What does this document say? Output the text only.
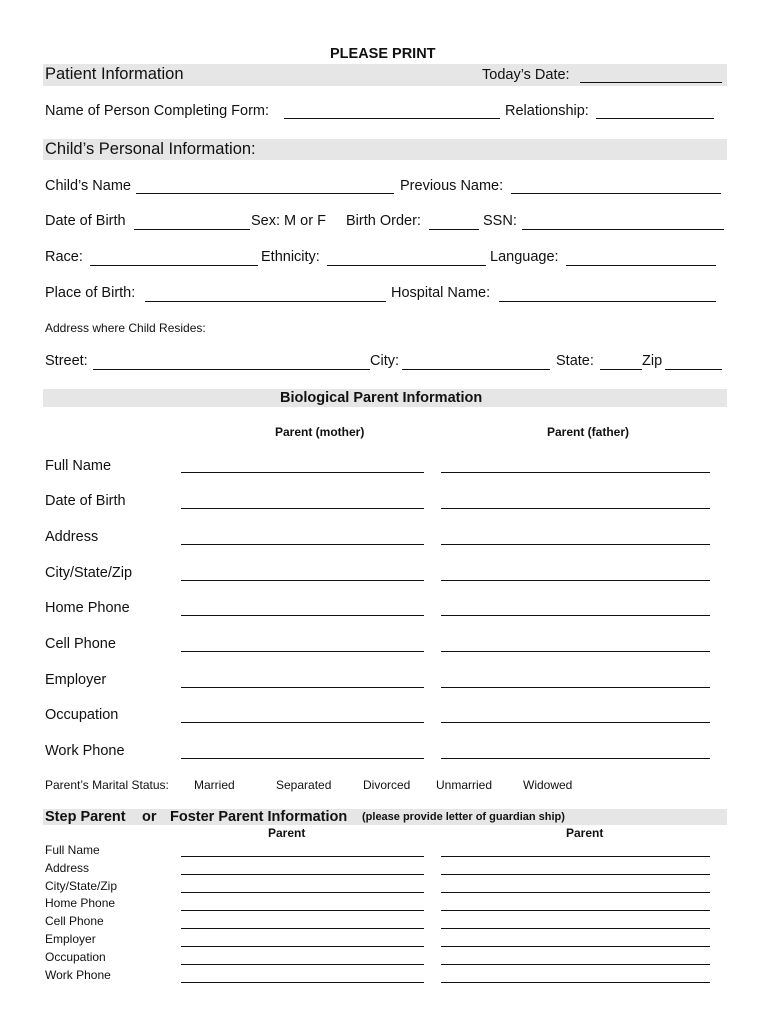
PLEASE PRINT
Patient Information	Today’s Date:
Name of Person Completing Form:	Relationship:
Child’s Personal Information:
Child’s Name	Previous Name:
Date of Birth	Sex: M or F Birth Order:	SSN:
Race:	Ethnicity:	Language:
Place of Birth:	Hospital Name:
Address where Child Resides:
Street:	City:	State:	Zip
Biological Parent Information
Parent (mother)	Parent (father)
Full Name
Date of Birth
Address
City/State/Zip
Home Phone
Cell Phone
Employer
Occupation
Work Phone
Parent’s Marital Status: Married	Separated	Divorced Unmarried	Widowed
Step Parent or Foster Parent Information (please provide letter of guardian ship)
Parent	Parent
Full Name
Address
City/State/Zip
Home Phone
Cell Phone
Employer
Occupation
Work Phone
